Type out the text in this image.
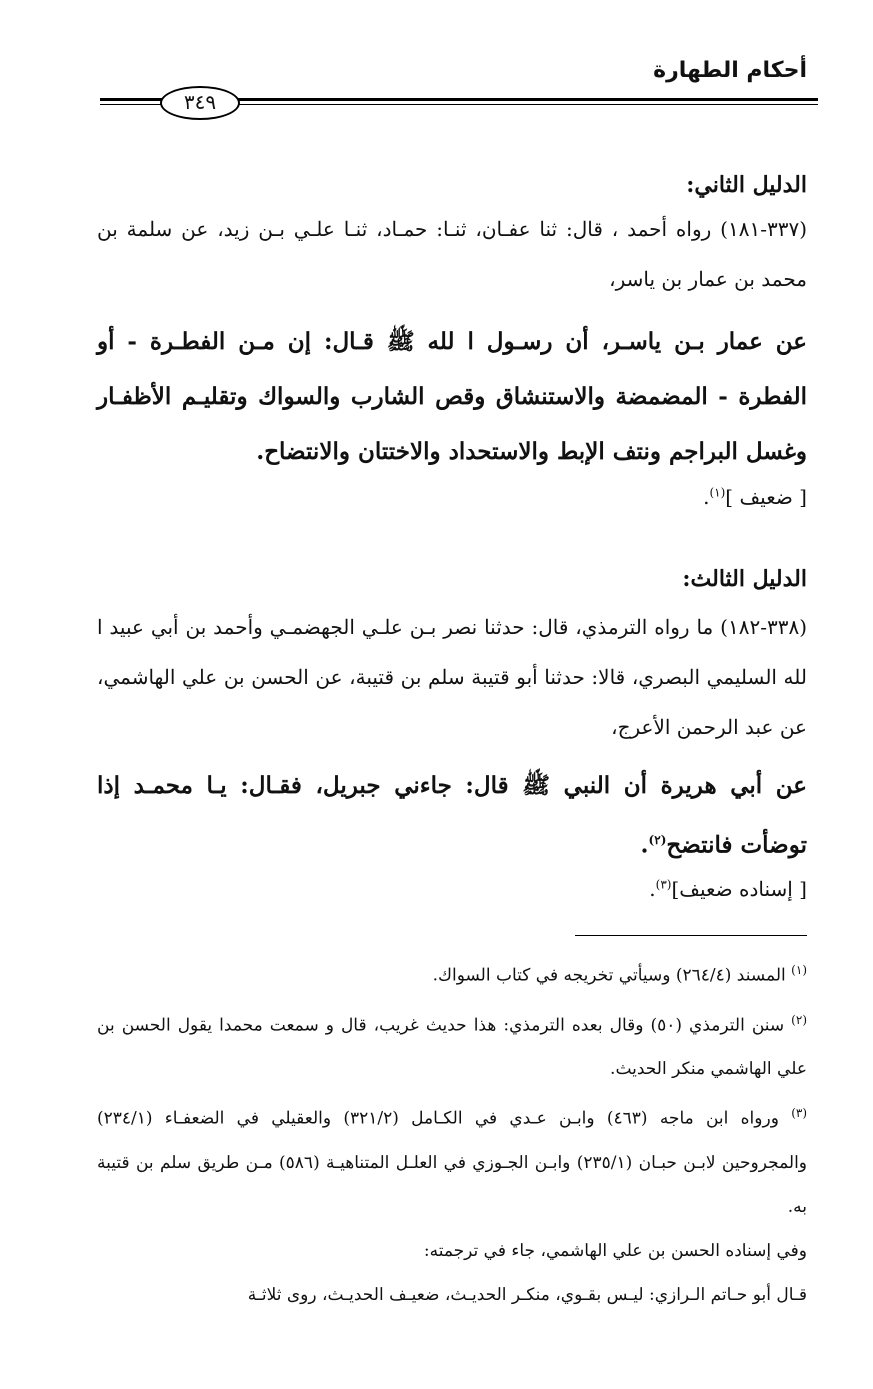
أحكام الطهارة
٣٤٩
الدليل الثاني:
(٣٣٧-١٨١) رواه أحمد ، قال: ثنا عفـان، ثنـا: حمـاد، ثنـا علـي بـن زيد، عن سلمة بن محمد بن عمار بن ياسر،
عن عمار بـن ياسـر، أن رسـول ا لله ﷺ قـال: إن مـن الفطـرة - أو الفطرة - المضمضة والاستنشاق وقص الشارب والسواك وتقليـم الأظفـار وغسل البراجم ونتف الإبط والاستحداد والاختتان والانتضاح.
[ ضعيف ]$^{(١)}$.
الدليل الثالث:
(٣٣٨-١٨٢) ما رواه الترمذي، قال: حدثنا نصر بـن علـي الجهضمـي وأحمد بن أبي عبيد ا لله السليمي البصري، قالا: حدثنا أبو قتيبة سلم بن قتيبة، عن الحسن بن علي الهاشمي، عن عبد الرحمن الأعرج،
عن أبي هريرة أن النبي ﷺ قال: جاءني جبريل، فقـال: يـا محمـد إذا توضأت فانتضح$^{(٢)}$.
[ إسناده ضعيف]$^{(٣)}$.
$^{(١)}$ المسند (٢٦٤/٤) وسيأتي تخريجه في كتاب السواك.
$^{(٢)}$ سنن الترمذي (٥٠) وقال بعده الترمذي: هذا حديث غريب، قال و سمعت محمدا يقول الحسن بن علي الهاشمي منكر الحديث.
$^{(٣)}$ ورواه ابن ماجه (٤٦٣) وابـن عـدي في الكـامل (٣٢١/٢) والعقيلي في الضعفـاء (٢٣٤/١) والمجروحين لابـن حبـان (٢٣٥/١) وابـن الجـوزي في العلـل المتناهيـة (٥٨٦) مـن طريق سلم بن قتيبة به.
وفي إسناده الحسن بن علي الهاشمي، جاء في ترجمته:
قـال أبو حـاتم الـرازي: ليـس بقـوي، منكـر الحديـث، ضعيـف الحديـث، روى ثلاثـة
